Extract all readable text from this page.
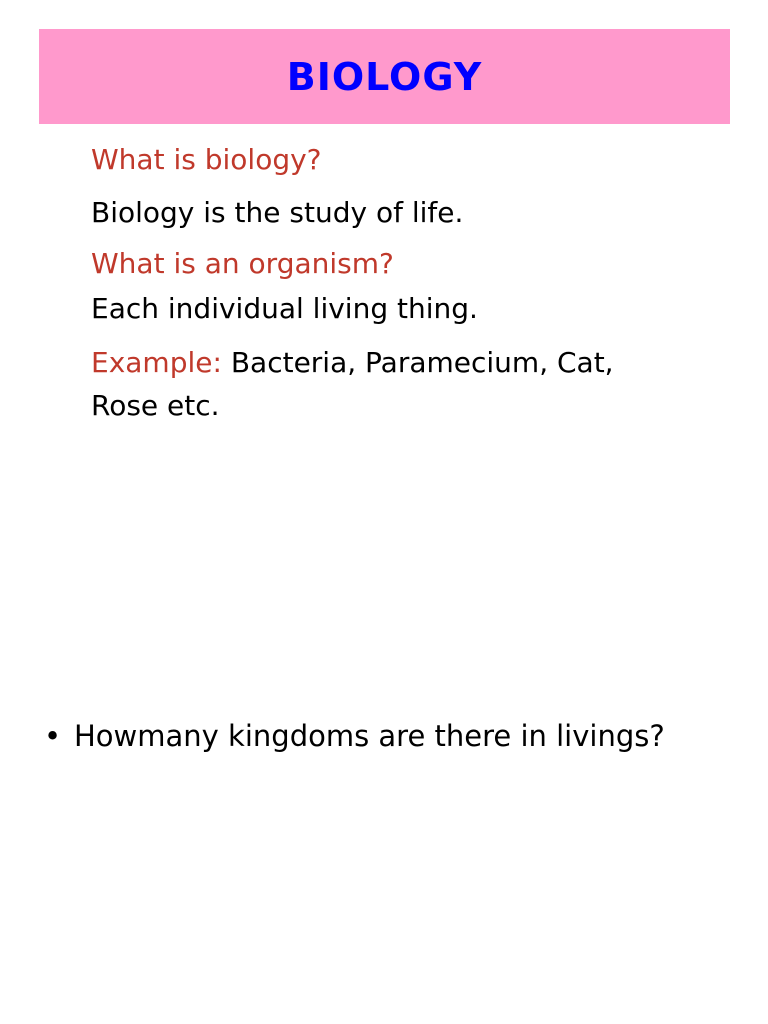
BIOLOGY
What is biology?
Biology is the study of life.
What is an organism?
Each individual living thing.
Example: Bacteria, Paramecium, Cat,
Rose etc.
• Howmany kingdoms are there in livings?
